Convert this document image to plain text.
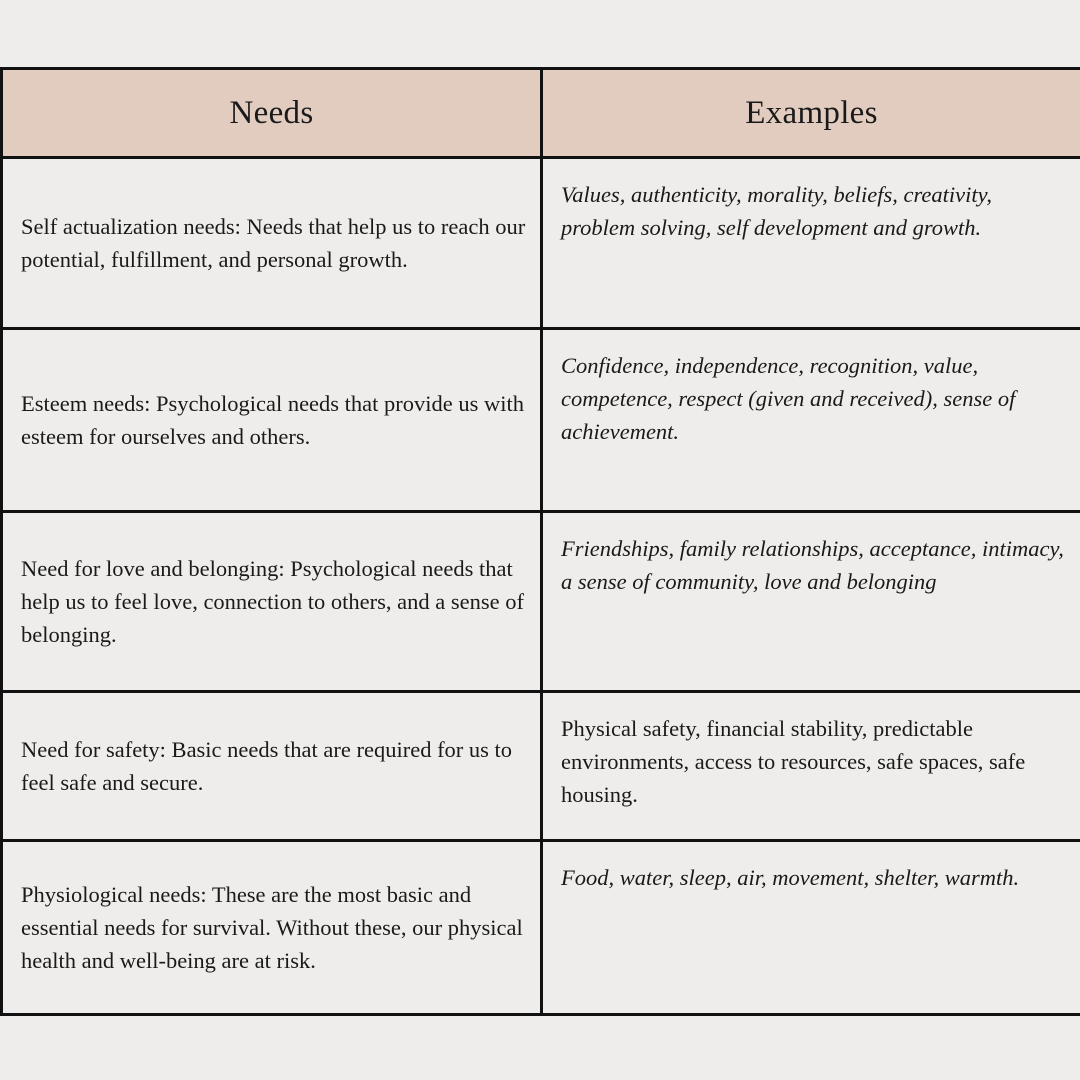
Needs	Examples
Self actualization needs: Needs that help us to reach our potential, fulfillment, and personal growth.	Values, authenticity, morality, beliefs, creativity, problem solving, self development and growth.
Esteem needs: Psychological needs that provide us with esteem for ourselves and others.	Confidence, independence, recognition, value, competence, respect (given and received), sense of achievement.
Need for love and belonging: Psychological needs that help us to feel love, connection to others, and a sense of belonging.	Friendships, family relationships, acceptance, intimacy, a sense of community, love and belonging
Need for safety: Basic needs that are required for us to feel safe and secure.	Physical safety, financial stability, predictable environments, access to resources, safe spaces, safe housing.
Physiological needs: These are the most basic and essential needs for survival. Without these, our physical health and well-being are at risk.	Food, water, sleep, air, movement, shelter, warmth.
